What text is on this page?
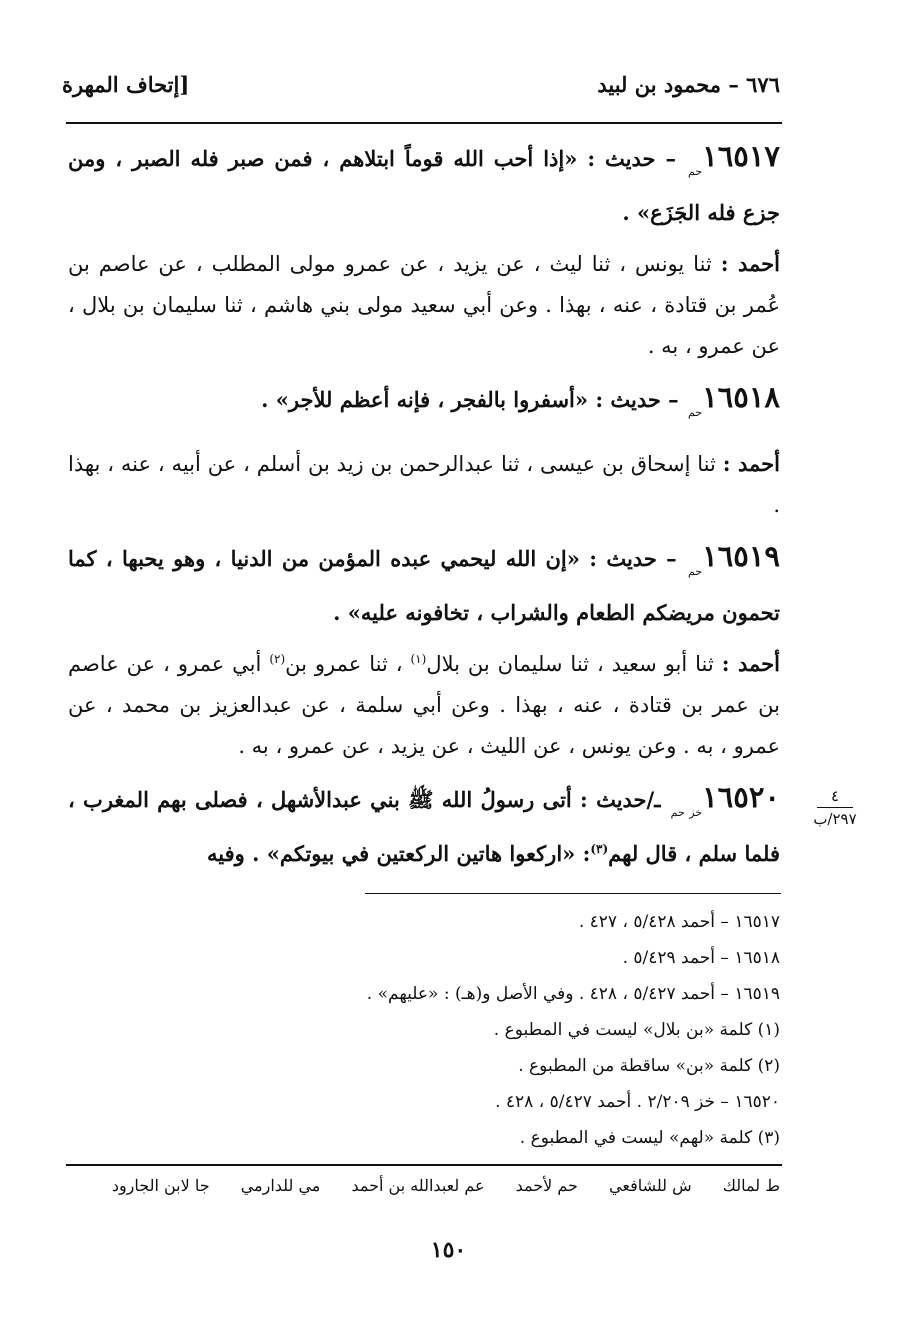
٦٧٦ – محمود بن لبيد
[إتحاف المهرة

$١٦٥١٧_{حم}$ – حديث : «إذا أحب الله قوماً ابتلاهم ، فمن صبر فله الصبر ، ومن جزع فله الجَزَع» .

أحمد : ثنا يونس ، ثنا ليث ، عن يزيد ، عن عمرو مولى المطلب ، عن عاصم بن عُمر بن قتادة ، عنه ، بهذا . وعن أبي سعيد مولى بني هاشم ، ثنا سليمان بن بلال ، عن عمرو ، به .

$١٦٥١٨_{حم}$ – حديث : «أسفروا بالفجر ، فإنه أعظم للأجر» .

أحمد : ثنا إسحاق بن عيسى ، ثنا عبدالرحمن بن زيد بن أسلم ، عن أبيه ، عنه ، بهذا .

$١٦٥١٩_{حم}$ – حديث : «إن الله ليحمي عبده المؤمن من الدنيا ، وهو يحبها ، كما تحمون مريضكم الطعام والشراب ، تخافونه عليه» .

أحمد : ثنا أبو سعيد ، ثنا سليمان بن بلال$^{(١)}$ ، ثنا عمرو بن$^{(٢)}$ أبي عمرو ، عن عاصم بن عمر بن قتادة ، عنه ، بهذا . وعن أبي سلمة ، عن عبدالعزيز بن محمد ، عن عمرو ، به . وعن يونس ، عن الليث ، عن يزيد ، عن عمرو ، به .

$١٦٥٢٠_{خز حم}$ ـ/حديث : أتى رسولُ الله ﷺ بني عبدالأشهل ، فصلى بهم المغرب ، فلما سلم ، قال لهم$^{(٣)}$: «اركعوا هاتين الركعتين في بيوتكم» . وفيه

٤
٢٩٧/ب
١٦٥١٧ – أحمد ٥/٤٢٨ ، ٤٢٧ .
١٦٥١٨ – أحمد ٥/٤٢٩ .
١٦٥١٩ – أحمد ٥/٤٢٧ ، ٤٢٨ . وفي الأصل و(هـ) : «عليهم» .
(١) كلمة «بن بلال» ليست في المطبوع .
(٢) كلمة «بن» ساقطة من المطبوع .
١٦٥٢٠ – خز ٢/٢٠٩ . أحمد ٥/٤٢٧ ، ٤٢٨ .
(٣) كلمة «لهم» ليست في المطبوع .
ط لمالك ش للشافعي حم لأحمد عم لعبدالله بن أحمد مي للدارمي جا لابن الجارود
١٥٠
